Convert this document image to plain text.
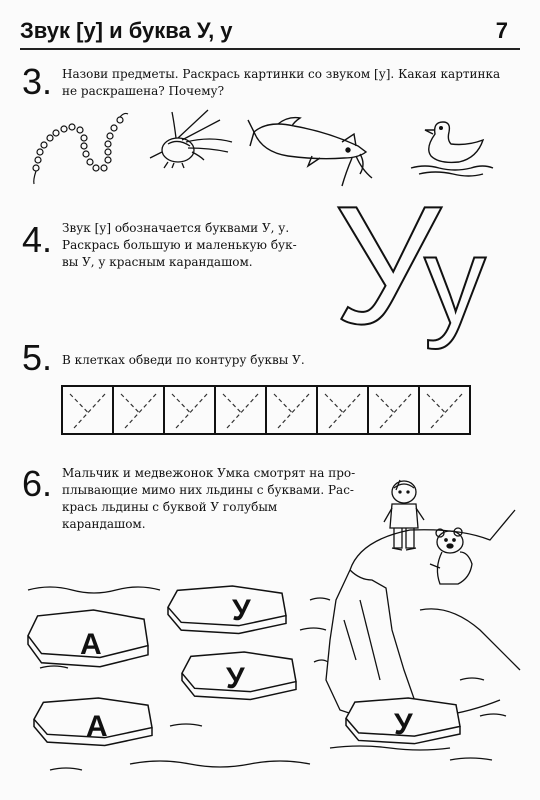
Звук [у] и буква У, у	7
3. Назови предметы. Раскрась картинки со звуком [у]. Какая картинка
не раскрашена? Почему?
4. Звук [у] обозначается буквами У, у.
Раскрась большую и маленькую бук-
вы У, у красным карандашом. У
у
5. В клетках обведи по контуру буквы У.
6. Мальчик и медвежонок Умка смотрят на про-
плывающие мимо них льдины с буквами. Рас-
крась льдины с буквой У голубым карандашом.
А
У
У
А	У
